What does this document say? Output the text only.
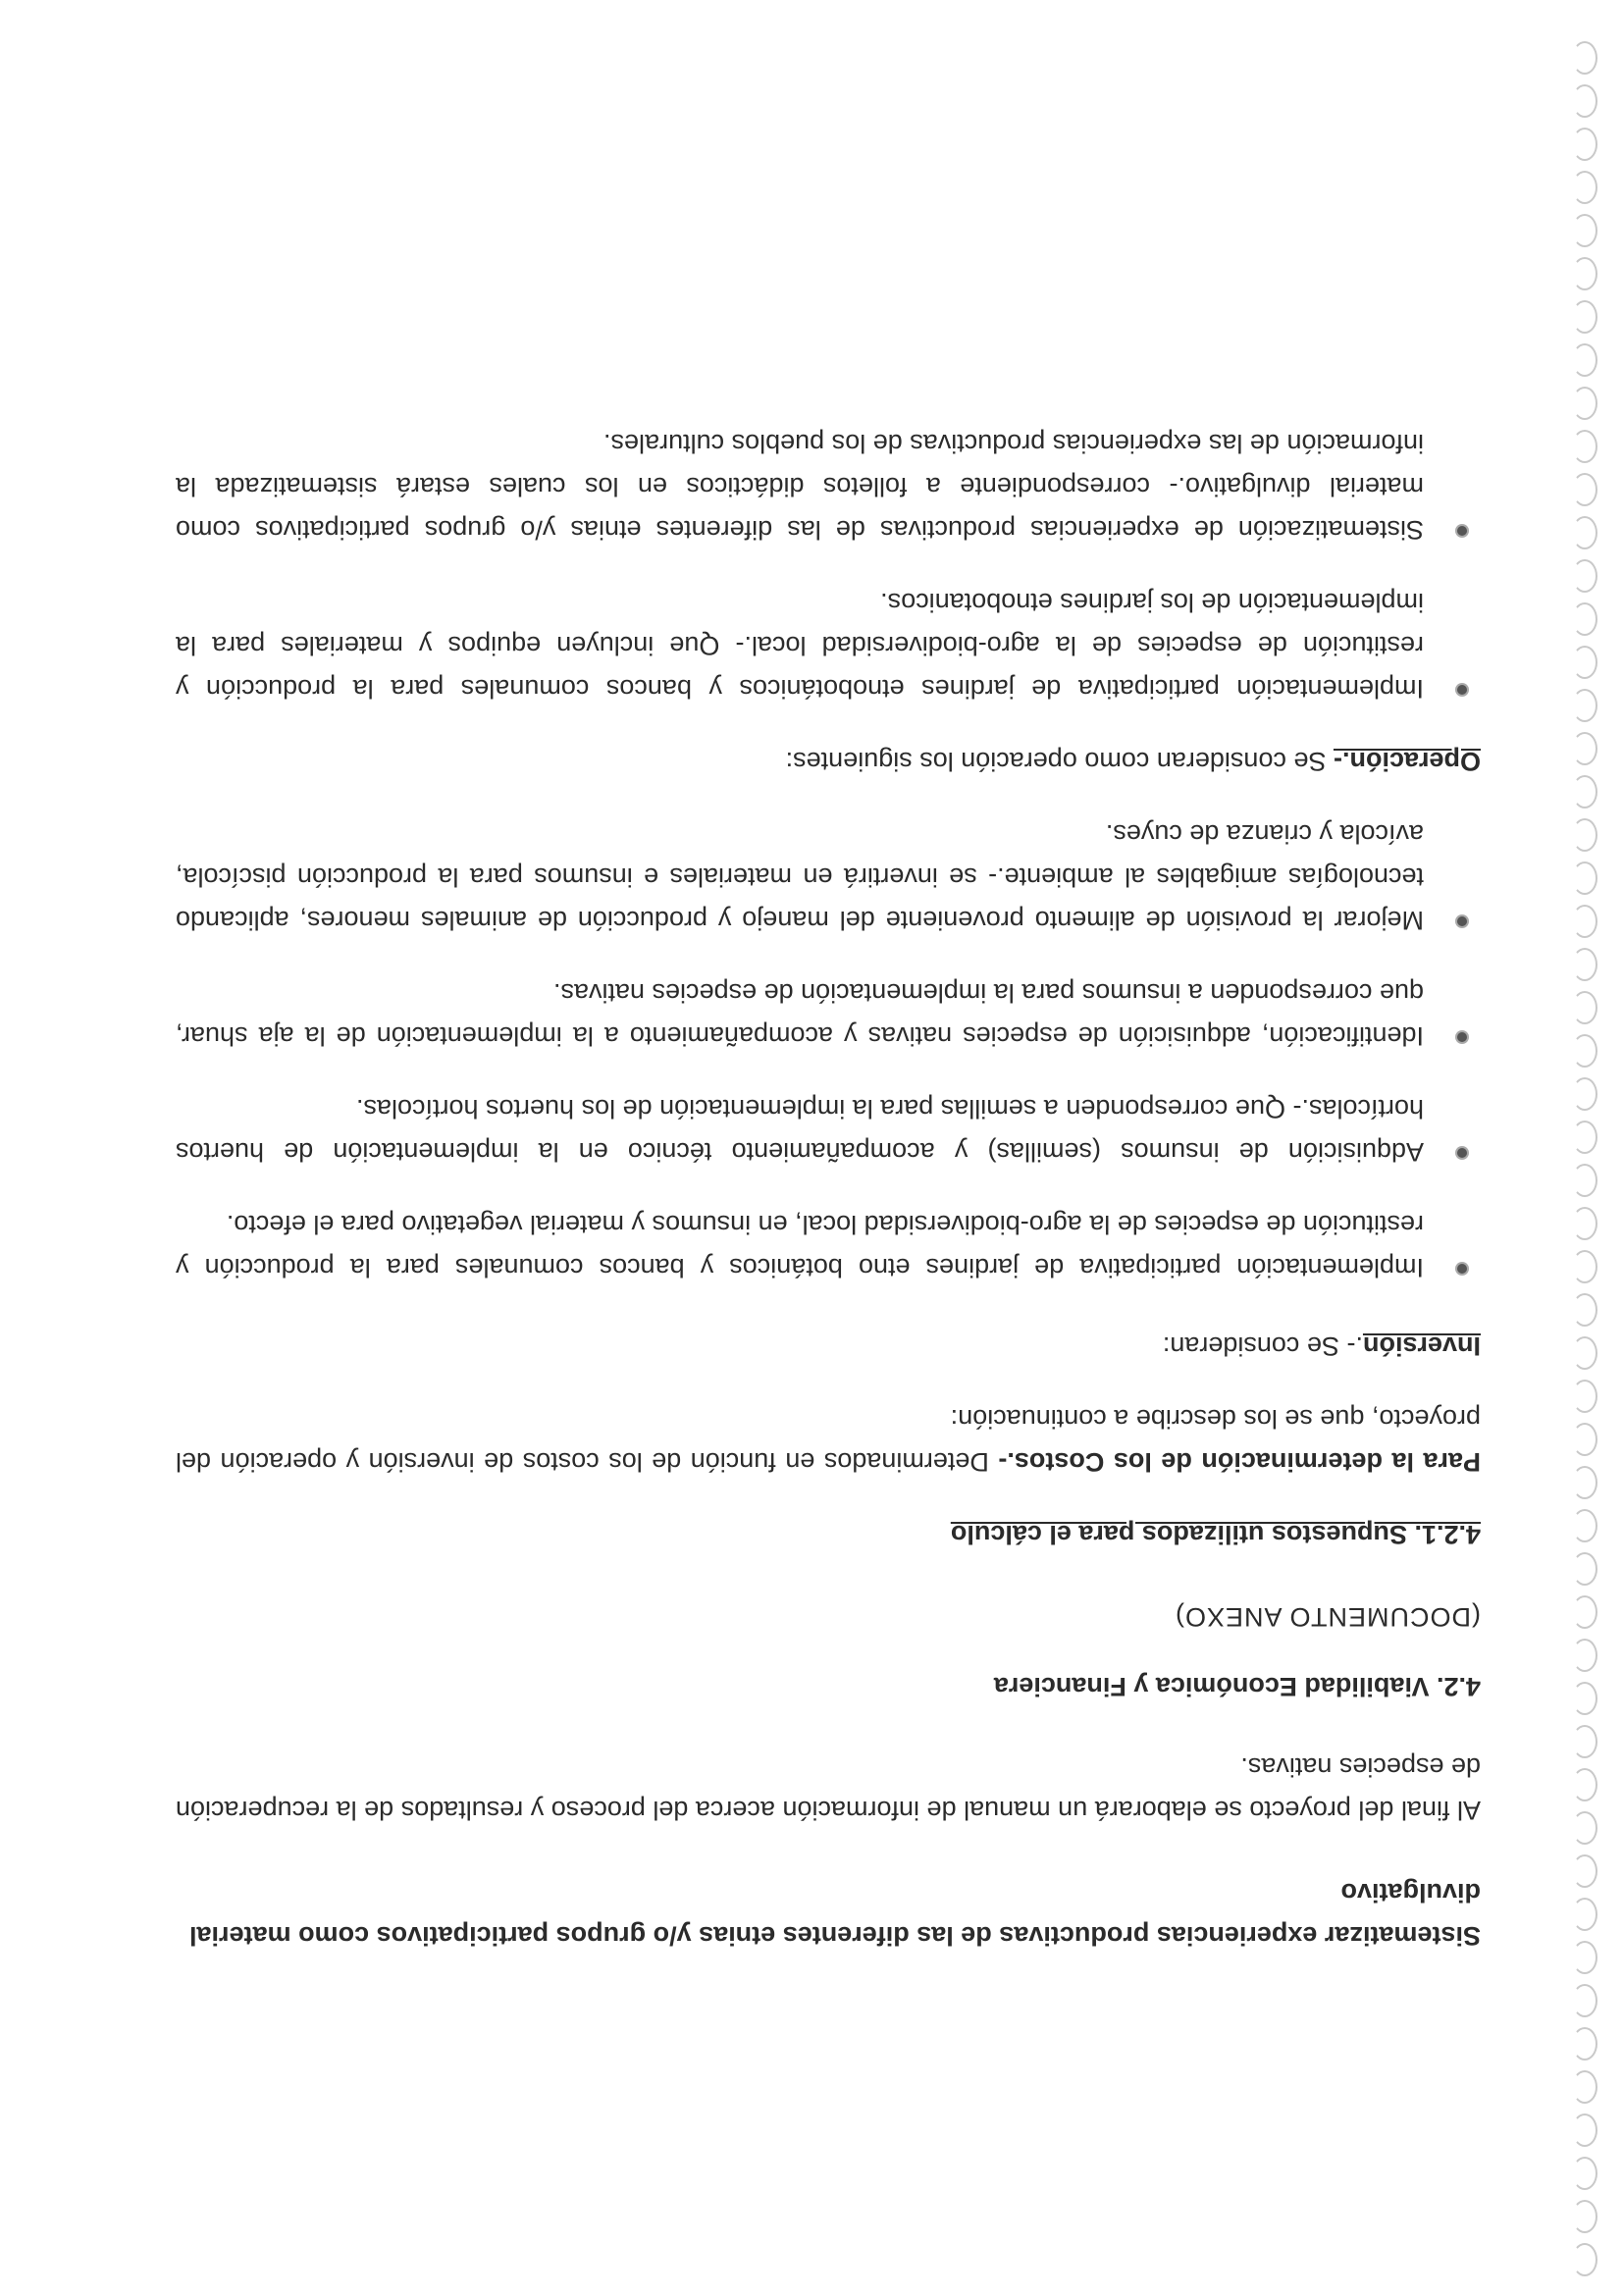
Sistematizar experiencias productivas de las diferentes etnias y/o grupos participativos como material divulgativo

Al final del proyecto se elaborará un manual de información acerca del proceso y resultados de la recuperación de especies nativas.

4.2. Viabilidad Económica y Financiera

(DOCUMENTO ANEXO)

4.2.1. Supuestos utilizados para el cálculo

Para la determinación de los Costos.- Determinados en función de los costos de inversión y operación del proyecto, que se los describe a continuación:

Inversión.- Se consideran:

Implementación participativa de jardines etno botánicos y bancos comunales para la producción y restitución de especies de la agro-biodiversidad local, en insumos y material vegetativo para el efecto.
Adquisición de insumos (semillas) y acompañamiento técnico en la implementación de huertos hortícolas.- Que corresponden a semillas para la implementación de los huertos hortícolas.
Identificación, adquisición de especies nativas y acompañamiento a la implementación de la aja shuar, que corresponden a insumos para la implementación de especies nativas.
Mejorar la provisión de alimento proveniente del manejo y producción de animales menores, aplicando tecnologías amigables al ambiente.- se invertirá en materiales e insumos para la producción piscícola, avícola y crianza de cuyes.

Operación.- Se consideran como operación los siguientes:

Implementación participativa de jardines etnobotánicos y bancos comunales para la producción y restitución de especies de la agro-biodiversidad local.- Que incluyen equipos y materiales para la implementación de los jardines etnobotanicos.
Sistematización de experiencias productivas de las diferentes etnias y/o grupos participativos como material divulgativo.- correspondiente a folletos didácticos en los cuales estará sistematizada la información de las experiencias productivas de los pueblos culturales.
